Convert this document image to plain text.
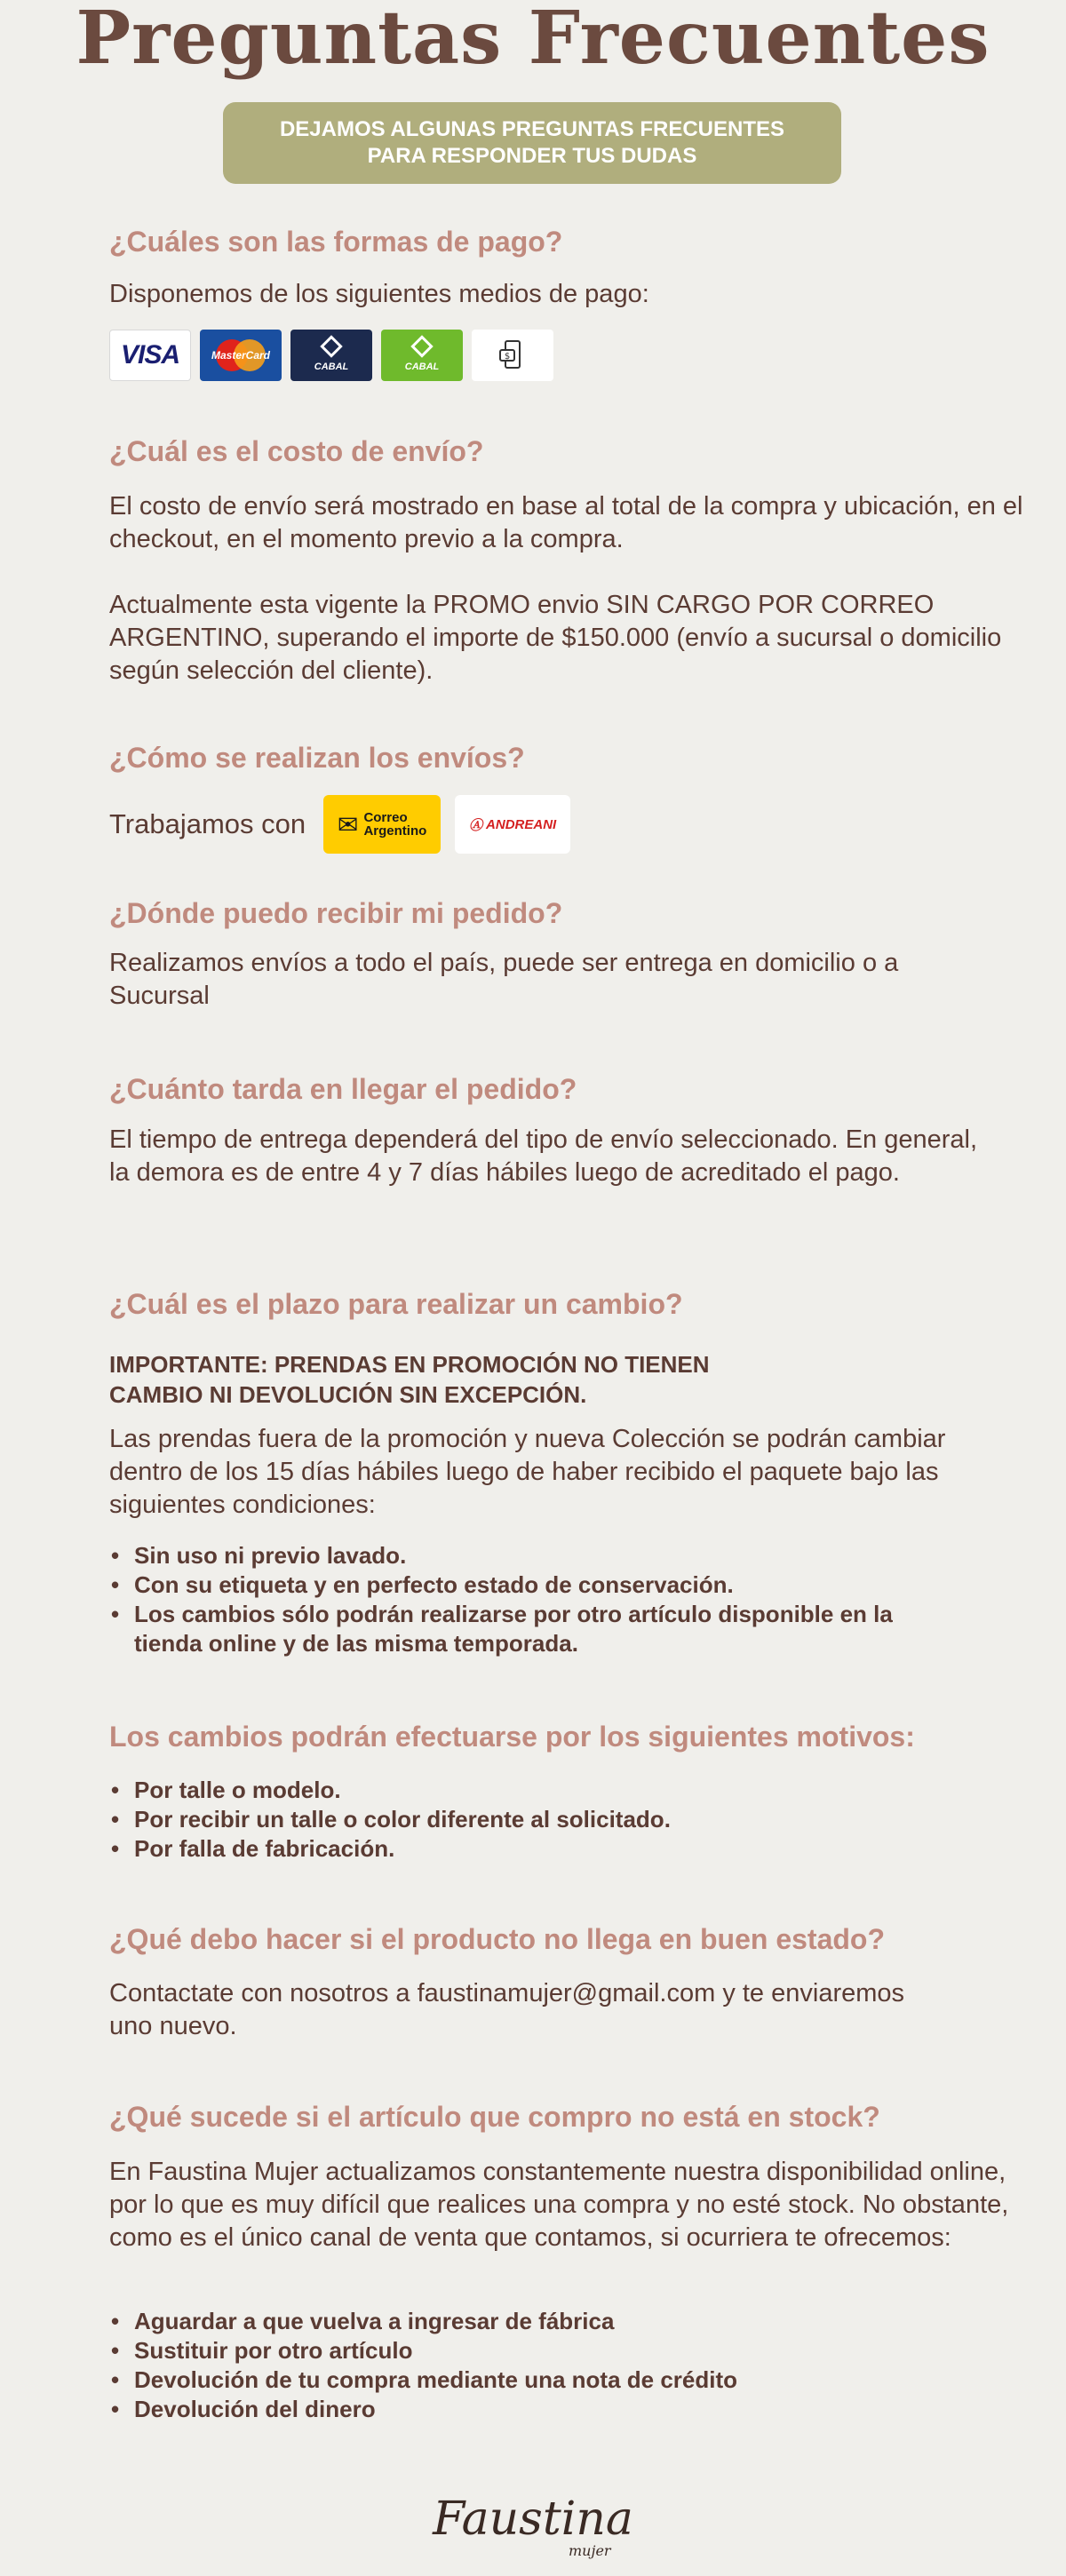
Preguntas Frecuentes
DEJAMOS ALGUNAS PREGUNTAS FRECUENTES
PARA RESPONDER TUS DUDAS
¿Cuáles son las formas de pago?

Disponemos de los siguientes medios de pago:

VISA	MasterCard
CABAL	CABAL
$
¿Cuál es el costo de envío?

El costo de envío será mostrado en base al total de la compra y ubicación, en el checkout, en el momento previo a la compra.

Actualmente esta vigente la PROMO envio SIN CARGO POR CORREO ARGENTINO, superando el importe de $150.000 (envío a sucursal o domicilio según selección del cliente).

¿Cómo se realizan los envíos?
Trabajamos con ✉ Correo
Argentino	Ⓐ ANDREANI
¿Dónde puedo recibir mi pedido?

Realizamos envíos a todo el país, puede ser entrega en domicilio o a Sucursal

¿Cuánto tarda en llegar el pedido?

El tiempo de entrega dependerá del tipo de envío seleccionado. En general, la demora es de entre 4 y 7 días hábiles luego de acreditado el pago.

¿Cuál es el plazo para realizar un cambio?

IMPORTANTE: PRENDAS EN PROMOCIÓN NO TIENEN CAMBIO NI DEVOLUCIÓN SIN EXCEPCIÓN.

Las prendas fuera de la promoción y nueva Colección se podrán cambiar dentro de los 15 días hábiles luego de haber recibido el paquete bajo las siguientes condiciones:

• Sin uso ni previo lavado.
• Con su etiqueta y en perfecto estado de conservación.
• Los cambios sólo podrán realizarse por otro artículo disponible en la tienda online y de las misma temporada.
Los cambios podrán efectuarse por los siguientes motivos:
• Por talle o modelo.
• Por recibir un talle o color diferente al solicitado.
• Por falla de fabricación.
¿Qué debo hacer si el producto no llega en buen estado?

Contactate con nosotros a faustinamujer@gmail.com y te enviaremos uno nuevo.

¿Qué sucede si el artículo que compro no está en stock?

En Faustina Mujer actualizamos constantemente nuestra disponibilidad online, por lo que es muy difícil que realices una compra y no esté stock. No obstante, como es el único canal de venta que contamos, si ocurriera te ofrecemos:

• Aguardar a que vuelva a ingresar de fábrica
• Sustituir por otro artículo
• Devolución de tu compra mediante una nota de crédito
• Devolución del dinero
Faustina
mujer
